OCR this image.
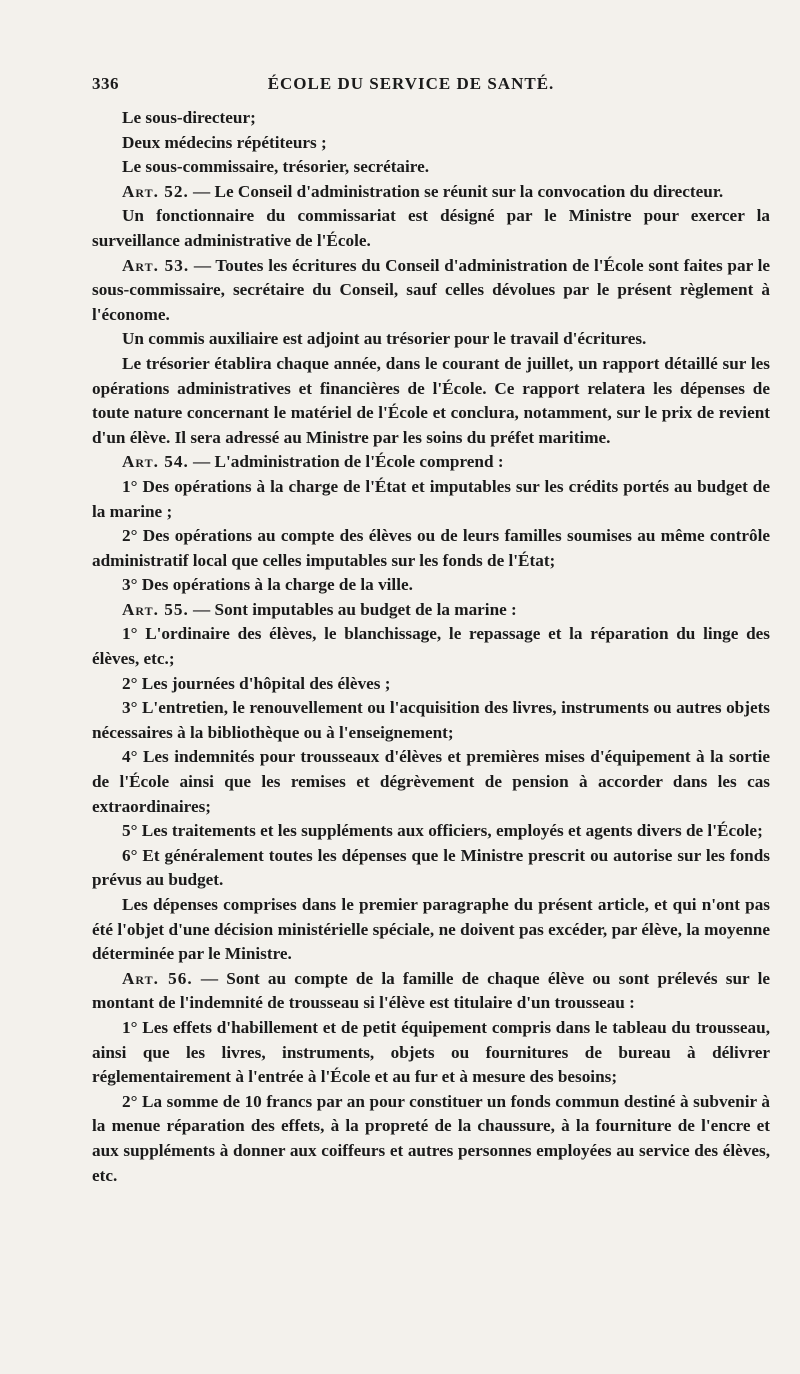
336	ÉCOLE DU SERVICE DE SANTÉ.

Le sous-directeur;

Deux médecins répétiteurs ;

Le sous-commissaire, trésorier, secrétaire.

Art. 52. — Le Conseil d'administration se réunit sur la convocation du directeur.

Un fonctionnaire du commissariat est désigné par le Ministre pour exercer la surveillance administrative de l'École.

Art. 53. — Toutes les écritures du Conseil d'administration de l'École sont faites par le sous-commissaire, secrétaire du Conseil, sauf celles dévolues par le présent règlement à l'économe.

Un commis auxiliaire est adjoint au trésorier pour le travail d'écritures.

Le trésorier établira chaque année, dans le courant de juillet, un rapport détaillé sur les opérations administratives et financières de l'École. Ce rapport relatera les dépenses de toute nature concernant le matériel de l'École et conclura, notamment, sur le prix de revient d'un élève. Il sera adressé au Ministre par les soins du préfet maritime.

Art. 54. — L'administration de l'École comprend :

1° Des opérations à la charge de l'État et imputables sur les crédits portés au budget de la marine ;

2° Des opérations au compte des élèves ou de leurs familles soumises au même contrôle administratif local que celles imputables sur les fonds de l'État;

3° Des opérations à la charge de la ville.

Art. 55. — Sont imputables au budget de la marine :

1° L'ordinaire des élèves, le blanchissage, le repassage et la réparation du linge des élèves, etc.;

2° Les journées d'hôpital des élèves ;

3° L'entretien, le renouvellement ou l'acquisition des livres, instruments ou autres objets nécessaires à la bibliothèque ou à l'enseignement;

4° Les indemnités pour trousseaux d'élèves et premières mises d'équipement à la sortie de l'École ainsi que les remises et dégrèvement de pension à accorder dans les cas extraordinaires;

5° Les traitements et les suppléments aux officiers, employés et agents divers de l'École;

6° Et généralement toutes les dépenses que le Ministre prescrit ou autorise sur les fonds prévus au budget.

Les dépenses comprises dans le premier paragraphe du présent article, et qui n'ont pas été l'objet d'une décision ministérielle spéciale, ne doivent pas excéder, par élève, la moyenne déterminée par le Ministre.

Art. 56. — Sont au compte de la famille de chaque élève ou sont prélevés sur le montant de l'indemnité de trousseau si l'élève est titulaire d'un trousseau :

1° Les effets d'habillement et de petit équipement compris dans le tableau du trousseau, ainsi que les livres, instruments, objets ou fournitures de bureau à délivrer réglementairement à l'entrée à l'École et au fur et à mesure des besoins;

2° La somme de 10 francs par an pour constituer un fonds commun destiné à subvenir à la menue réparation des effets, à la propreté de la chaussure, à la fourniture de l'encre et aux suppléments à donner aux coiffeurs et autres personnes employées au service des élèves, etc.
